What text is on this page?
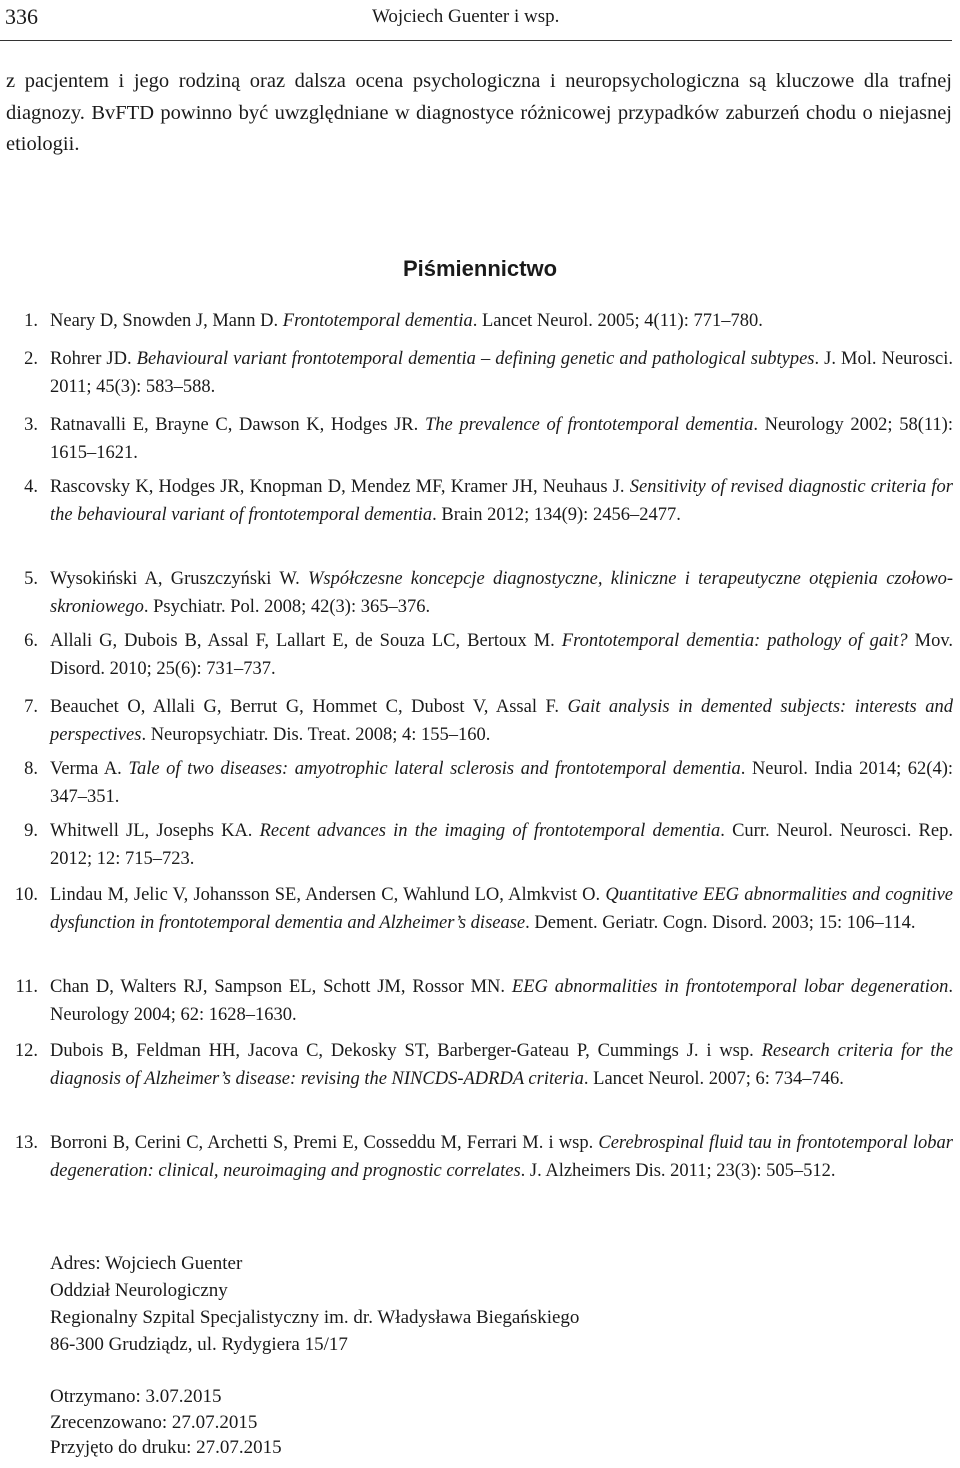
336	Wojciech Guenter i wsp.

z pacjentem i jego rodziną oraz dalsza ocena psychologiczna i neuropsychologiczna są kluczowe dla trafnej diagnozy. BvFTD powinno być uwzględniane w diagnostyce różnicowej przypadków zaburzeń chodu o niejasnej etiologii.

Piśmiennictwo
1. Neary D, Snowden J, Mann D. Frontotemporal dementia. Lancet Neurol. 2005; 4(11): 771–780.
2. Rohrer JD. Behavioural variant frontotemporal dementia – defining genetic and pathological subtypes. J. Mol. Neurosci. 2011; 45(3): 583–588.
3. Ratnavalli E, Brayne C, Dawson K, Hodges JR. The prevalence of frontotemporal dementia. Neurology 2002; 58(11): 1615–1621.
4. Rascovsky K, Hodges JR, Knopman D, Mendez MF, Kramer JH, Neuhaus J. Sensitivity of revised diagnostic criteria for the behavioural variant of frontotemporal dementia. Brain 2012; 134(9): 2456–2477.
5. Wysokiński A, Gruszczyński W. Współczesne koncepcje diagnostyczne, kliniczne i terapeutyczne otępienia czołowo-skroniowego. Psychiatr. Pol. 2008; 42(3): 365–376.
6. Allali G, Dubois B, Assal F, Lallart E, de Souza LC, Bertoux M. Frontotemporal dementia: pathology of gait? Mov. Disord. 2010; 25(6): 731–737.
7. Beauchet O, Allali G, Berrut G, Hommet C, Dubost V, Assal F. Gait analysis in demented subjects: interests and perspectives. Neuropsychiatr. Dis. Treat. 2008; 4: 155–160.
8. Verma A. Tale of two diseases: amyotrophic lateral sclerosis and frontotemporal dementia. Neurol. India 2014; 62(4): 347–351.
9. Whitwell JL, Josephs KA. Recent advances in the imaging of frontotemporal dementia. Curr. Neurol. Neurosci. Rep. 2012; 12: 715–723.
10. Lindau M, Jelic V, Johansson SE, Andersen C, Wahlund LO, Almkvist O. Quantitative EEG abnormalities and cognitive dysfunction in frontotemporal dementia and Alzheimer’s disease. Dement. Geriatr. Cogn. Disord. 2003; 15: 106–114.
11. Chan D, Walters RJ, Sampson EL, Schott JM, Rossor MN. EEG abnormalities in frontotemporal lobar degeneration. Neurology 2004; 62: 1628–1630.
12. Dubois B, Feldman HH, Jacova C, Dekosky ST, Barberger-Gateau P, Cummings J. i wsp. Research criteria for the diagnosis of Alzheimer’s disease: revising the NINCDS-ADRDA criteria. Lancet Neurol. 2007; 6: 734–746.
13. Borroni B, Cerini C, Archetti S, Premi E, Cosseddu M, Ferrari M. i wsp. Cerebrospinal fluid tau in frontotemporal lobar degeneration: clinical, neuroimaging and prognostic correlates. J. Alzheimers Dis. 2011; 23(3): 505–512.
Adres: Wojciech Guenter
Oddział Neurologiczny
Regionalny Szpital Specjalistyczny im. dr. Władysława Biegańskiego
86-300 Grudziądz, ul. Rydygiera 15/17
Otrzymano: 3.07.2015
Zrecenzowano: 27.07.2015
Przyjęto do druku: 27.07.2015
